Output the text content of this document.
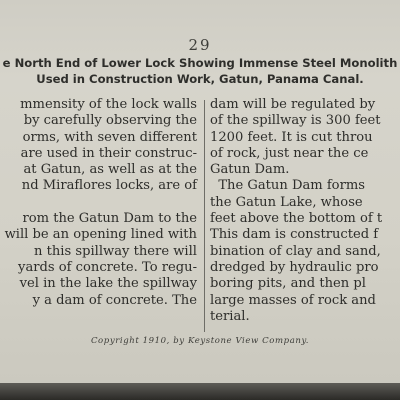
29
e North End of Lower Lock Showing Immense Steel Monolith
Used in Construction Work, Gatun, Panama Canal.
mmensity of the lock walls
by carefully observing the
orms, with seven different
are used in their construc-
at Gatun, as well as at the
nd Miraflores locks, are of
rom the Gatun Dam to the
will be an opening lined with
n this spillway there will
yards of concrete. To regu-
vel in the lake the spillway
y a dam of concrete. The
dam will be regulated by
of the spillway is 300 feet
1200 feet. It is cut throu
of rock, just near the ce
Gatun Dam.
The Gatun Dam forms
the Gatun Lake, whose
feet above the bottom of t
This dam is constructed f
bination of clay and sand,
dredged by hydraulic pro
boring pits, and then pl
large masses of rock and
terial.
Copyright 1910, by Keystone View Company.
